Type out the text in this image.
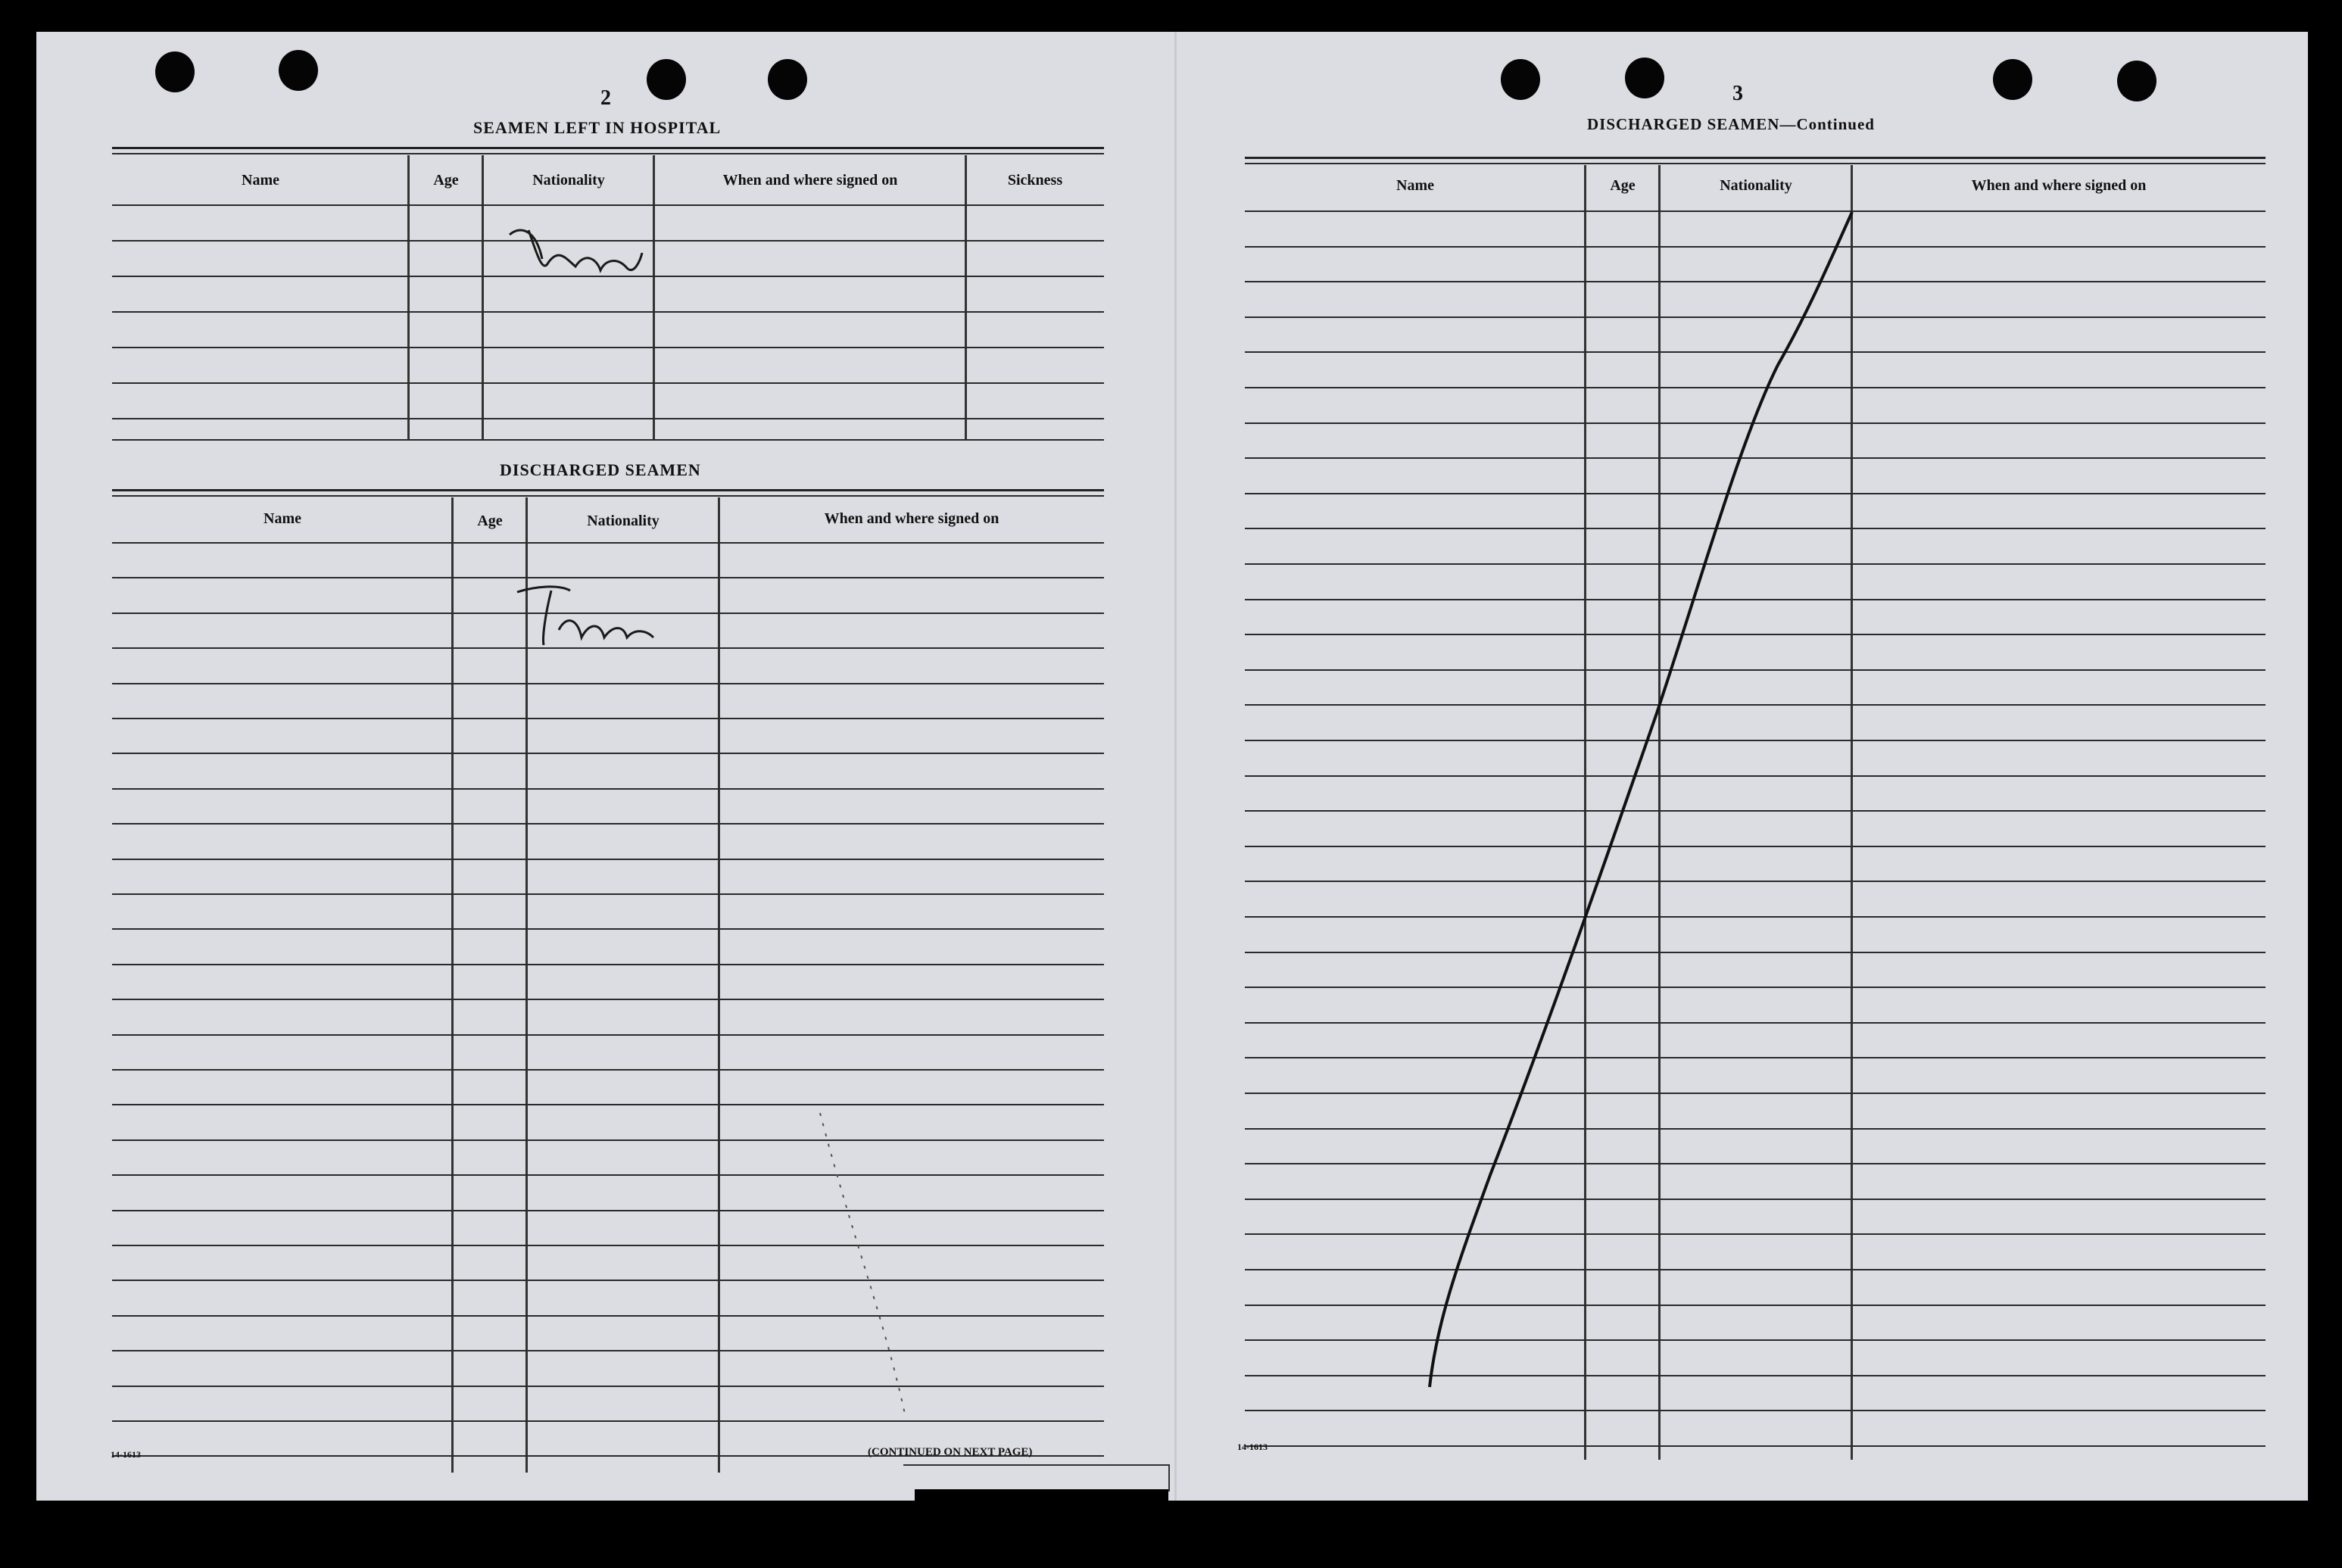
2
SEAMEN LEFT IN HOSPITAL
Name	Age	Nationality	When and where signed on	Sickness
DISCHARGED SEAMEN
Name	Age	Nationality	When and where signed on
14-1613	(CONTINUED ON NEXT PAGE)
3
DISCHARGED SEAMEN—Continued
Name	Age	Nationality	When and where signed on
14-1613
